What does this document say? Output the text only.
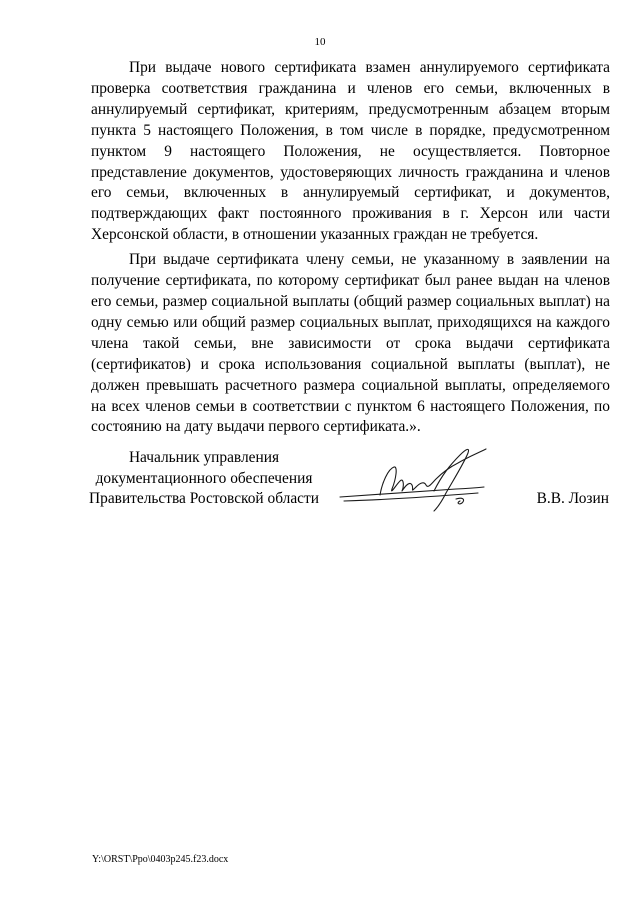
10

При выдаче нового сертификата взамен аннулируемого сертификата проверка соответствия гражданина и членов его семьи, включенных в аннулируемый сертификат, критериям, предусмотренным абзацем вторым пункта 5 настоящего Положения, в том числе в порядке, предусмотренном пунктом 9 настоящего Положения, не осуществляется. Повторное представление документов, удостоверяющих личность гражданина и членов его семьи, включенных в аннулируемый сертификат, и документов, подтверждающих факт постоянного проживания в г. Херсон или части Херсонской области, в отношении указанных граждан не требуется.

При выдаче сертификата члену семьи, не указанному в заявлении на получение сертификата, по которому сертификат был ранее выдан на членов его семьи, размер социальной выплаты (общий размер социальных выплат) на одну семью или общий размер социальных выплат, приходящихся на каждого члена такой семьи, вне зависимости от срока выдачи сертификата (сертификатов) и срока использования социальной выплаты (выплат), не должен превышать расчетного размера социальной выплаты, определяемого на всех членов семьи в соответствии с пунктом 6 настоящего Положения, по состоянию на дату выдачи первого сертификата.».

Начальник управления
документационного обеспечения
Правительства Ростовской области	В.В. Лозин
Y:\ORST\Ppo\0403p245.f23.docx
